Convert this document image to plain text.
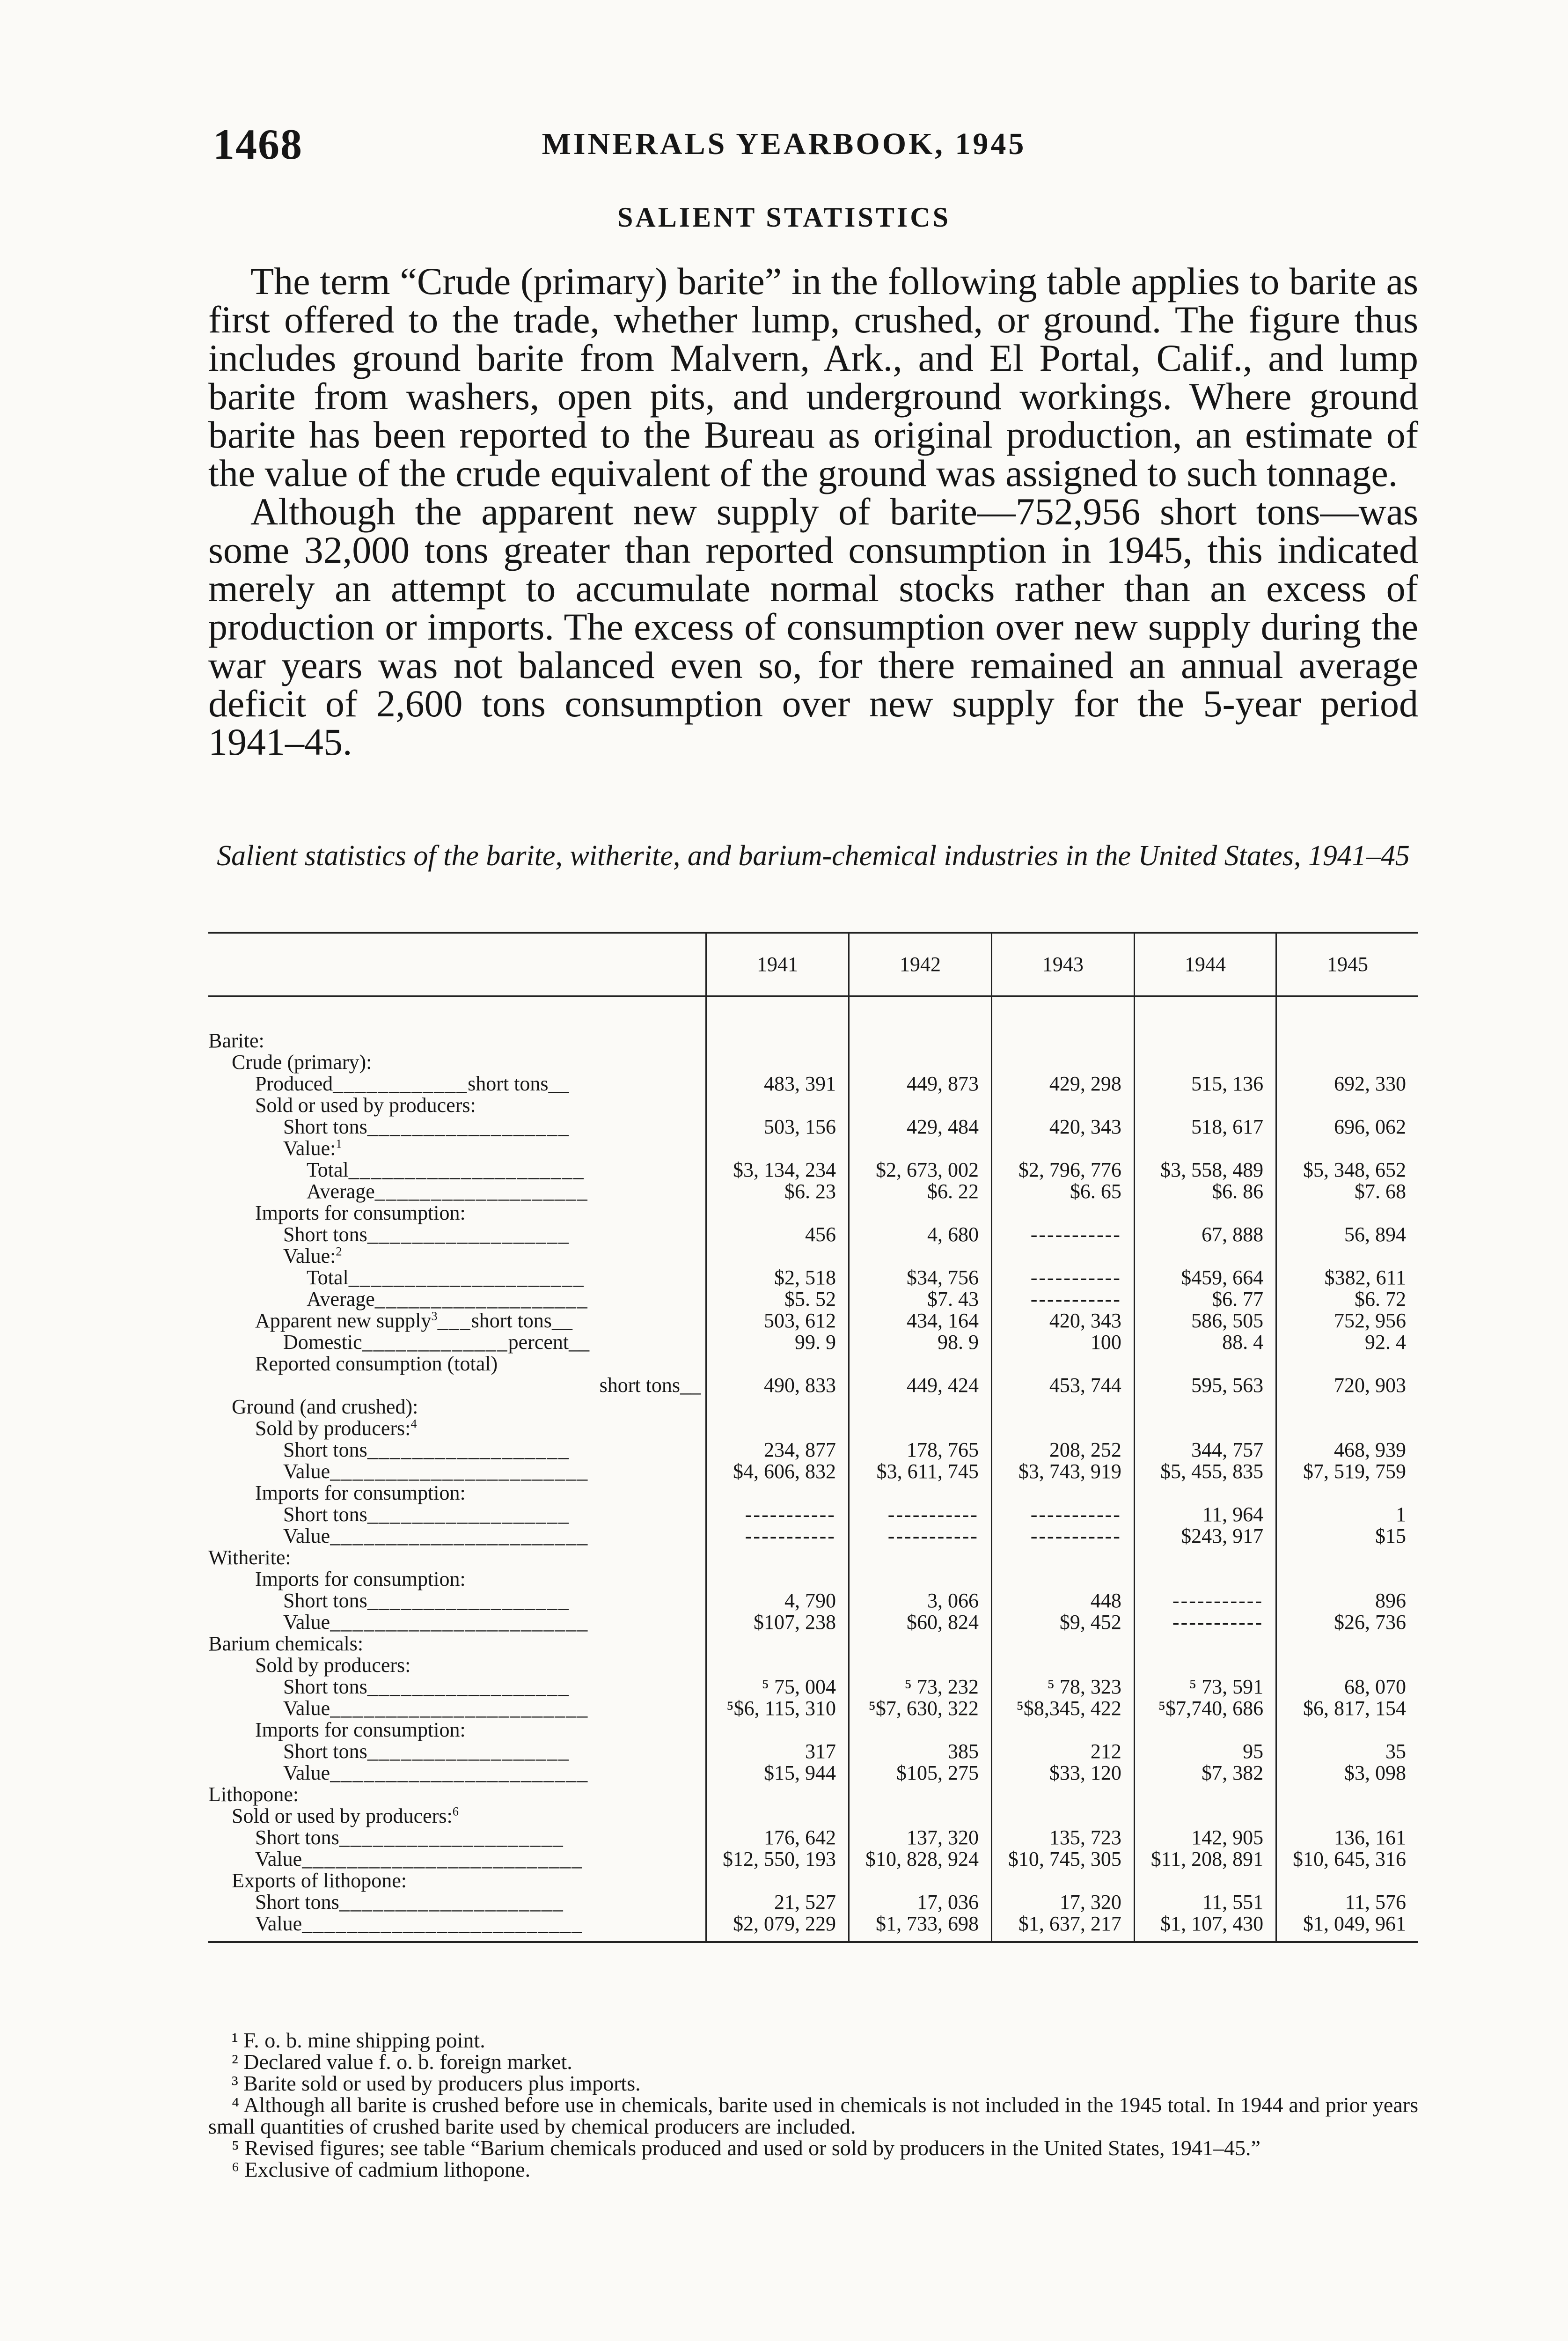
1468	MINERALS YEARBOOK, 1945
SALIENT STATISTICS

The term “Crude (primary) barite” in the following table applies to barite as first offered to the trade, whether lump, crushed, or ground. The figure thus includes ground barite from Malvern, Ark., and El Portal, Calif., and lump barite from washers, open pits, and underground workings. Where ground barite has been reported to the Bureau as original production, an estimate of the value of the crude equivalent of the ground was assigned to such tonnage.

Although the apparent new supply of barite—752,956 short tons—was some 32,000 tons greater than reported consumption in 1945, this indicated merely an attempt to accumulate normal stocks rather than an excess of production or imports. The excess of consumption over new supply during the war years was not balanced even so, for there remained an annual average deficit of 2,600 tons consumption over new supply for the 5-year period 1941–45.

Salient statistics of the barite, witherite, and barium-chemical industries in the United States, 1941–45
	1941	1942	1943	1944	1945

Barite:					
Crude (primary):					
Produced____________short tons__	483, 391	449, 873	429, 298	515, 136	692, 330
Sold or used by producers:					
Short tons__________________	503, 156	429, 484	420, 343	518, 617	696, 062
Value:$^1$					
Total_____________________	$3, 134, 234	$2, 673, 002	$2, 796, 776	$3, 558, 489	$5, 348, 652
Average___________________	$6. 23	$6. 22	$6. 65	$6. 86	$7. 68
Imports for consumption:					
Short tons__________________	456	4, 680	-----------	67, 888	56, 894
Value:$^2$					
Total_____________________	$2, 518	$34, 756	-----------	$459, 664	$382, 611
Average___________________	$5. 52	$7. 43	-----------	$6. 77	$6. 72
Apparent new supply$^3$___short tons__	503, 612	434, 164	420, 343	586, 505	752, 956
Domestic_____________percent__	99. 9	98. 9	100	88. 4	92. 4
Reported consumption (total)					
short tons__	490, 833	449, 424	453, 744	595, 563	720, 903
Ground (and crushed):					
Sold by producers:$^4$					
Short tons__________________	234, 877	178, 765	208, 252	344, 757	468, 939
Value_______________________	$4, 606, 832	$3, 611, 745	$3, 743, 919	$5, 455, 835	$7, 519, 759
Imports for consumption:					
Short tons__________________	-----------	-----------	-----------	11, 964	1
Value_______________________	-----------	-----------	-----------	$243, 917	$15
Witherite:					
Imports for consumption:					
Short tons__________________	4, 790	3, 066	448	-----------	896
Value_______________________	$107, 238	$60, 824	$9, 452	-----------	$26, 736
Barium chemicals:					
Sold by producers:					
Short tons__________________	⁵ 75, 004	⁵ 73, 232	⁵ 78, 323	⁵ 73, 591	68, 070
Value_______________________	⁵$6, 115, 310	⁵$7, 630, 322	⁵$8,345, 422	⁵$7,740, 686	$6, 817, 154
Imports for consumption:					
Short tons__________________	317	385	212	95	35
Value_______________________	$15, 944	$105, 275	$33, 120	$7, 382	$3, 098
Lithopone:					
Sold or used by producers:$^6$					
Short tons____________________	176, 642	137, 320	135, 723	142, 905	136, 161
Value_________________________	$12, 550, 193	$10, 828, 924	$10, 745, 305	$11, 208, 891	$10, 645, 316
Exports of lithopone:					
Short tons____________________	21, 527	17, 036	17, 320	11, 551	11, 576
Value_________________________	$2, 079, 229	$1, 733, 698	$1, 637, 217	$1, 107, 430	$1, 049, 961
¹ F. o. b. mine shipping point.
² Declared value f. o. b. foreign market.
³ Barite sold or used by producers plus imports.
⁴ Although all barite is crushed before use in chemicals, barite used in chemicals is not included in the 1945 total. In 1944 and prior years small quantities of crushed barite used by chemical producers are included.
⁵ Revised figures; see table “Barium chemicals produced and used or sold by producers in the United States, 1941–45.”
⁶ Exclusive of cadmium lithopone.
